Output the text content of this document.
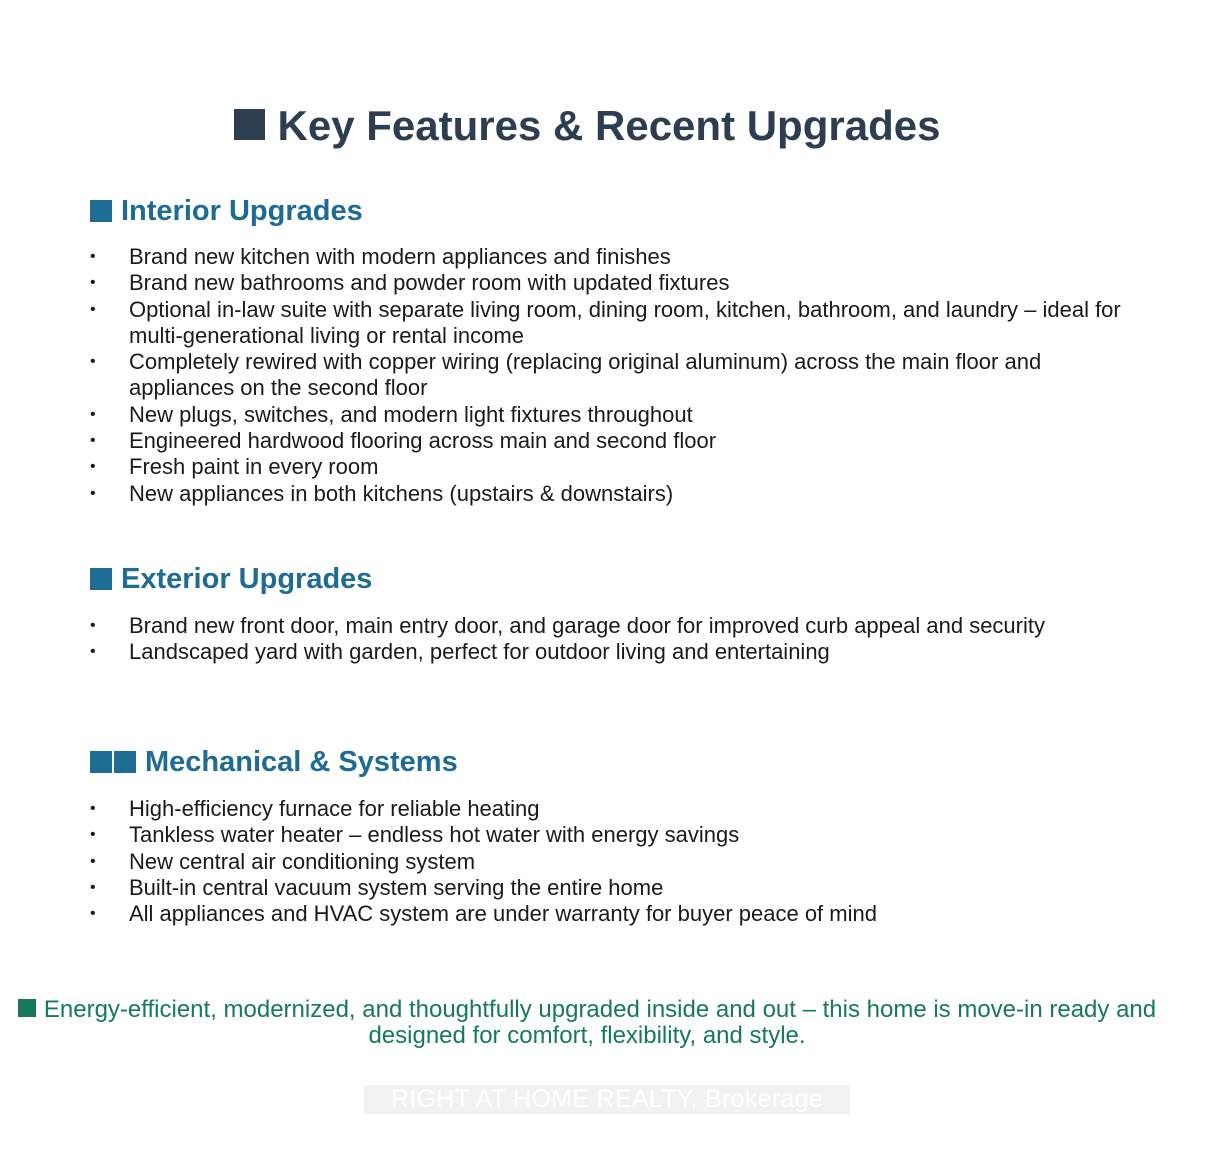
Key Features & Recent Upgrades
Interior Upgrades
• Brand new kitchen with modern appliances and finishes
• Brand new bathrooms and powder room with updated fixtures
• Optional in-law suite with separate living room, dining room, kitchen, bathroom, and laundry – ideal for multi-generational living or rental income
• Completely rewired with copper wiring (replacing original aluminum) across the main floor and appliances on the second floor
• New plugs, switches, and modern light fixtures throughout
• Engineered hardwood flooring across main and second floor
• Fresh paint in every room
• New appliances in both kitchens (upstairs & downstairs)
Exterior Upgrades
• Brand new front door, main entry door, and garage door for improved curb appeal and security
• Landscaped yard with garden, perfect for outdoor living and entertaining
Mechanical & Systems
• High-efficiency furnace for reliable heating
• Tankless water heater – endless hot water with energy savings
• New central air conditioning system
• Built-in central vacuum system serving the entire home
• All appliances and HVAC system are under warranty for buyer peace of mind

Energy-efficient, modernized, and thoughtfully upgraded inside and out – this home is move-in ready and designed for comfort, flexibility, and style.

RIGHT AT HOME REALTY, Brokerage
